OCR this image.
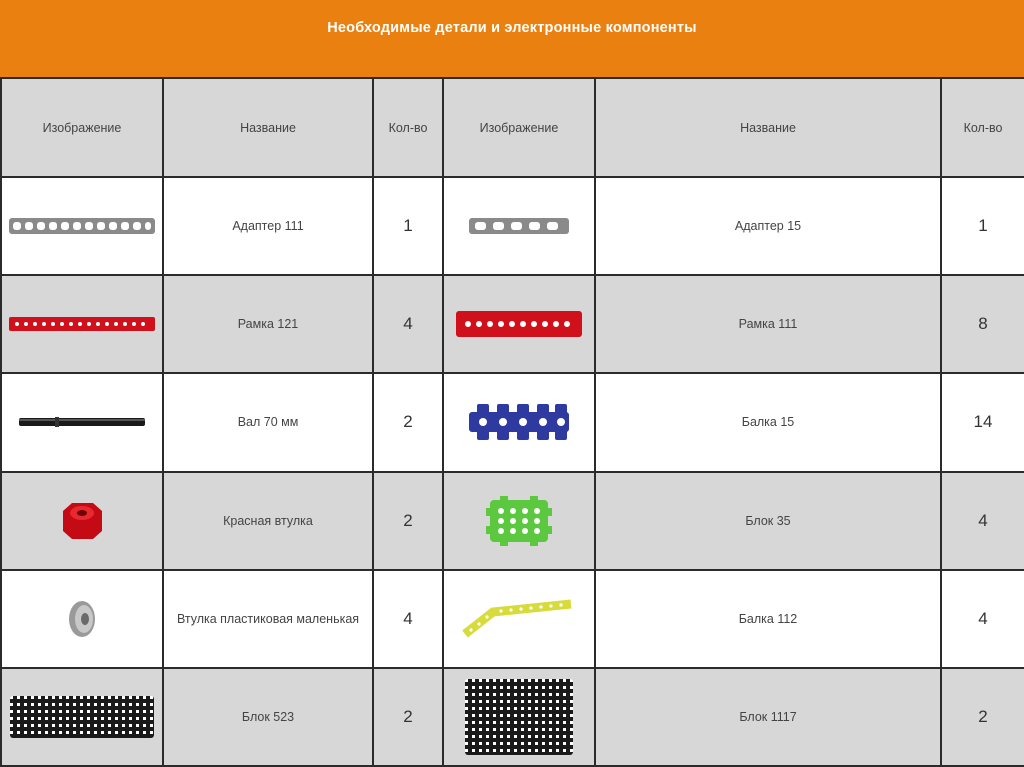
Необходимые детали и электронные компоненты
Изображение	Название	Кол-во	Изображение	Название	Кол-во

	Адаптер 111	1		Адаптер 15	1

	Рамка 121	4		Рамка 111	8

	Вал 70 мм	2		Балка 15	14

	Красная втулка	2		Блок 35	4

	Втулка пластиковая маленькая	4		Балка 112	4

	Блок 523	2		Блок 1117	2
